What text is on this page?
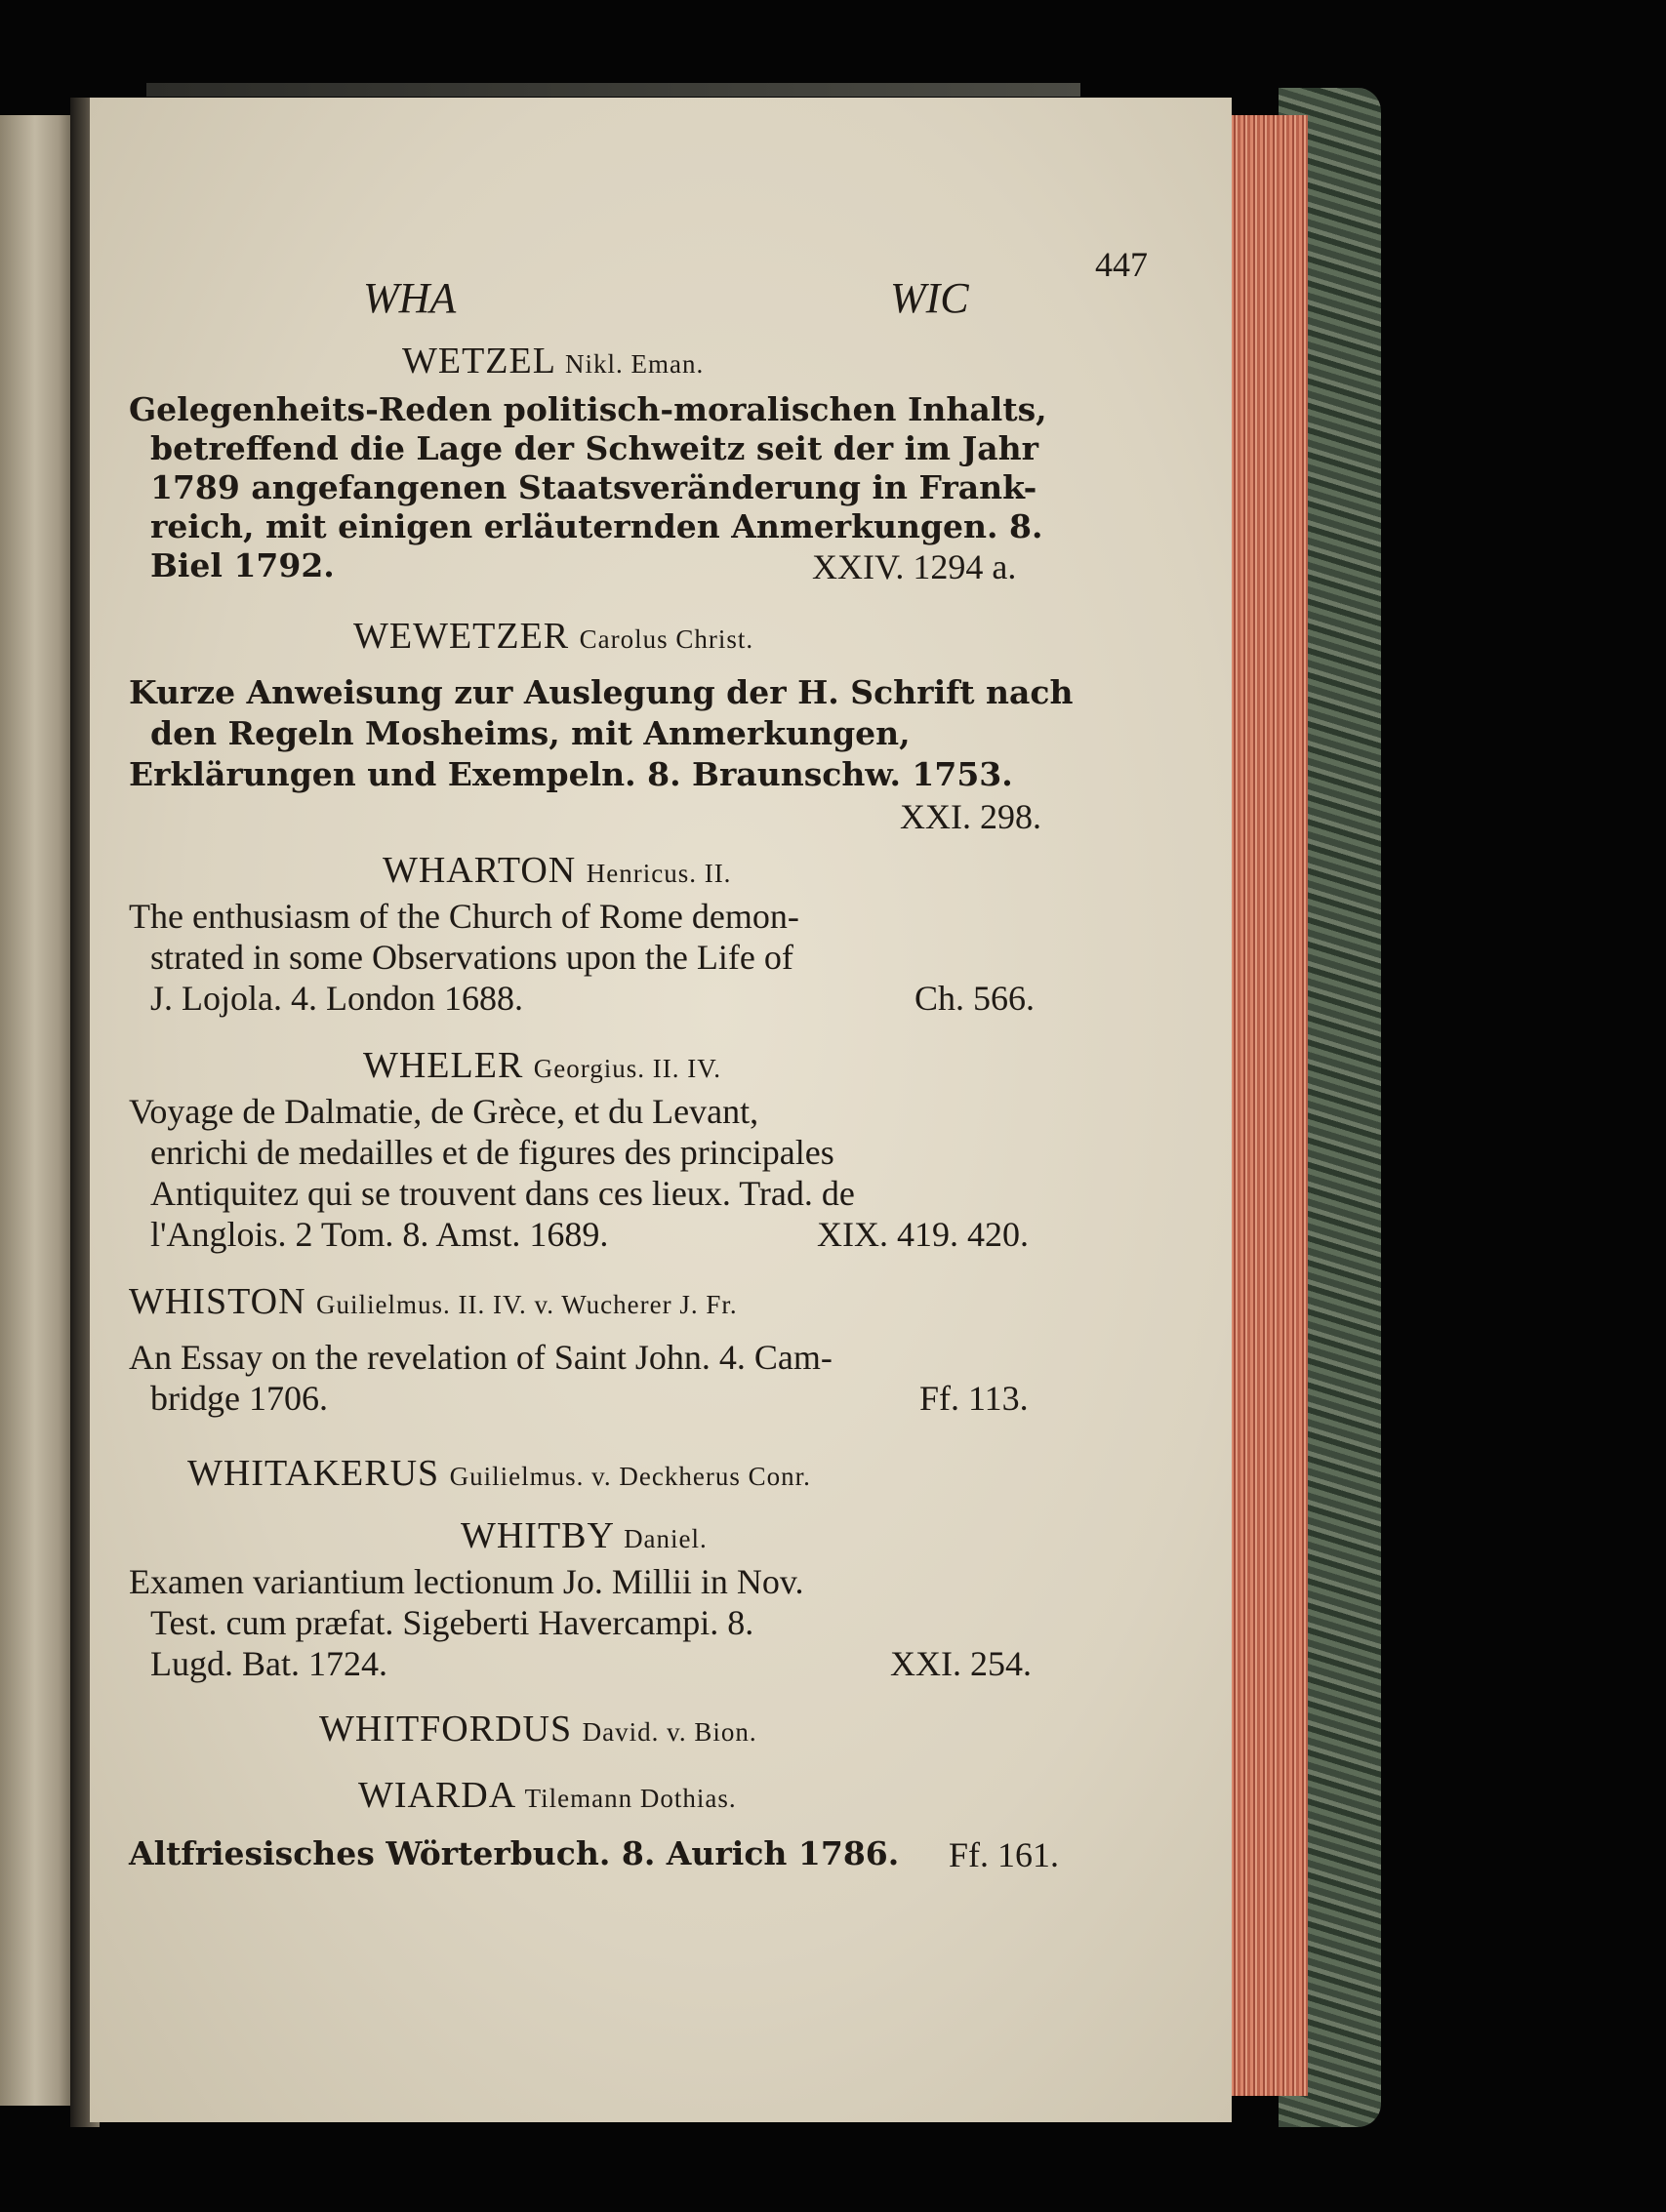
WHA	WIC
447
WETZEL Nikl. Eman.
Gelegenheits-Reden politisch-moralischen Inhalts,
betreffend die Lage der Schweitz seit der im Jahr
1789 angefangenen Staatsveränderung in Frank-
reich, mit einigen erläuternden Anmerkungen. 8.
Biel 1792.	XXIV. 1294 a.
WEWETZER Carolus Christ.
Kurze Anweisung zur Auslegung der H. Schrift nach
den Regeln Mosheims, mit Anmerkungen,
Erklärungen und Exempeln. 8. Braunschw. 1753.
XXI. 298.
WHARTON Henricus. II.
The enthusiasm of the Church of Rome demon-
strated in some Observations upon the Life of
J. Lojola. 4. London 1688.	Ch. 566.
WHELER Georgius. II. IV.
Voyage de Dalmatie, de Grèce, et du Levant,
enrichi de medailles et de figures des principales
Antiquitez qui se trouvent dans ces lieux. Trad. de
l'Anglois. 2 Tom. 8. Amst. 1689.	XIX. 419. 420.
WHISTON Guilielmus. II. IV. v. Wucherer J. Fr.
An Essay on the revelation of Saint John. 4. Cam-
bridge 1706.	Ff. 113.
WHITAKERUS Guilielmus. v. Deckherus Conr.
WHITBY Daniel.
Examen variantium lectionum Jo. Millii in Nov.
Test. cum præfat. Sigeberti Havercampi. 8.
Lugd. Bat. 1724.	XXI. 254.
WHITFORDUS David. v. Bion.
WIARDA Tilemann Dothias.
Altfriesisches Wörterbuch. 8. Aurich 1786. Ff. 161.
